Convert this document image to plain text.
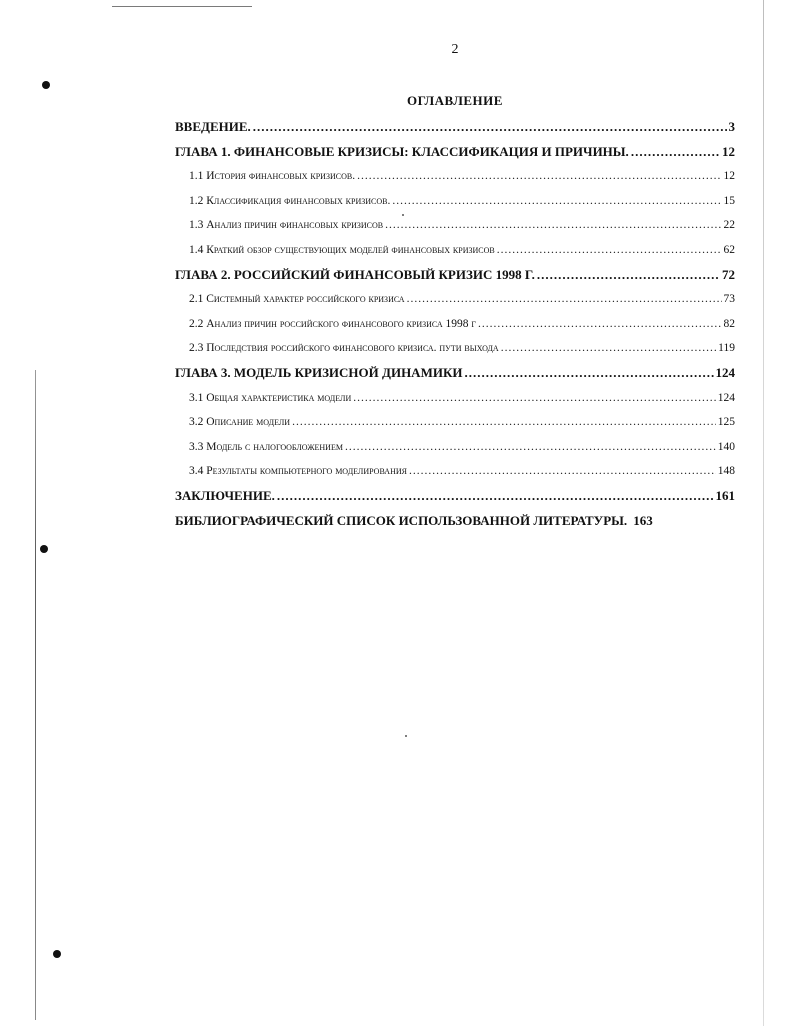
2
ОГЛАВЛЕНИЕ
ВВЕДЕНИЕ. .....	3
ГЛАВА 1. ФИНАНСОВЫЕ КРИЗИСЫ: КЛАССИФИКАЦИЯ И ПРИЧИНЫ. .....	12
1.1 История финансовых кризисов. .....	12
1.2 Классификация финансовых кризисов. .....	15
1.3 Анализ причин финансовых кризисов .....	22
1.4 Краткий обзор существующих моделей финансовых кризисов .....	62
ГЛАВА 2. РОССИЙСКИЙ ФИНАНСОВЫЙ КРИЗИС 1998 Г. .....	72
2.1 Системный характер российского кризиса .....	73
2.2 Анализ причин российского финансового кризиса 1998 г .....	82
2.3 Последствия российского финансового кризиса. пути выхода .....	119
ГЛАВА 3. МОДЕЛЬ КРИЗИСНОЙ ДИНАМИКИ .....	124
3.1 Общая характеристика модели .....	124
3.2 Описание модели .....	125
3.3 Модель с налогообложением .....	140
3.4 Результаты компьютерного моделирования .....	148
ЗАКЛЮЧЕНИЕ. .....	161
БИБЛИОГРАФИЧЕСКИЙ СПИСОК ИСПОЛЬЗОВАННОЙ ЛИТЕРАТУРЫ. 163
